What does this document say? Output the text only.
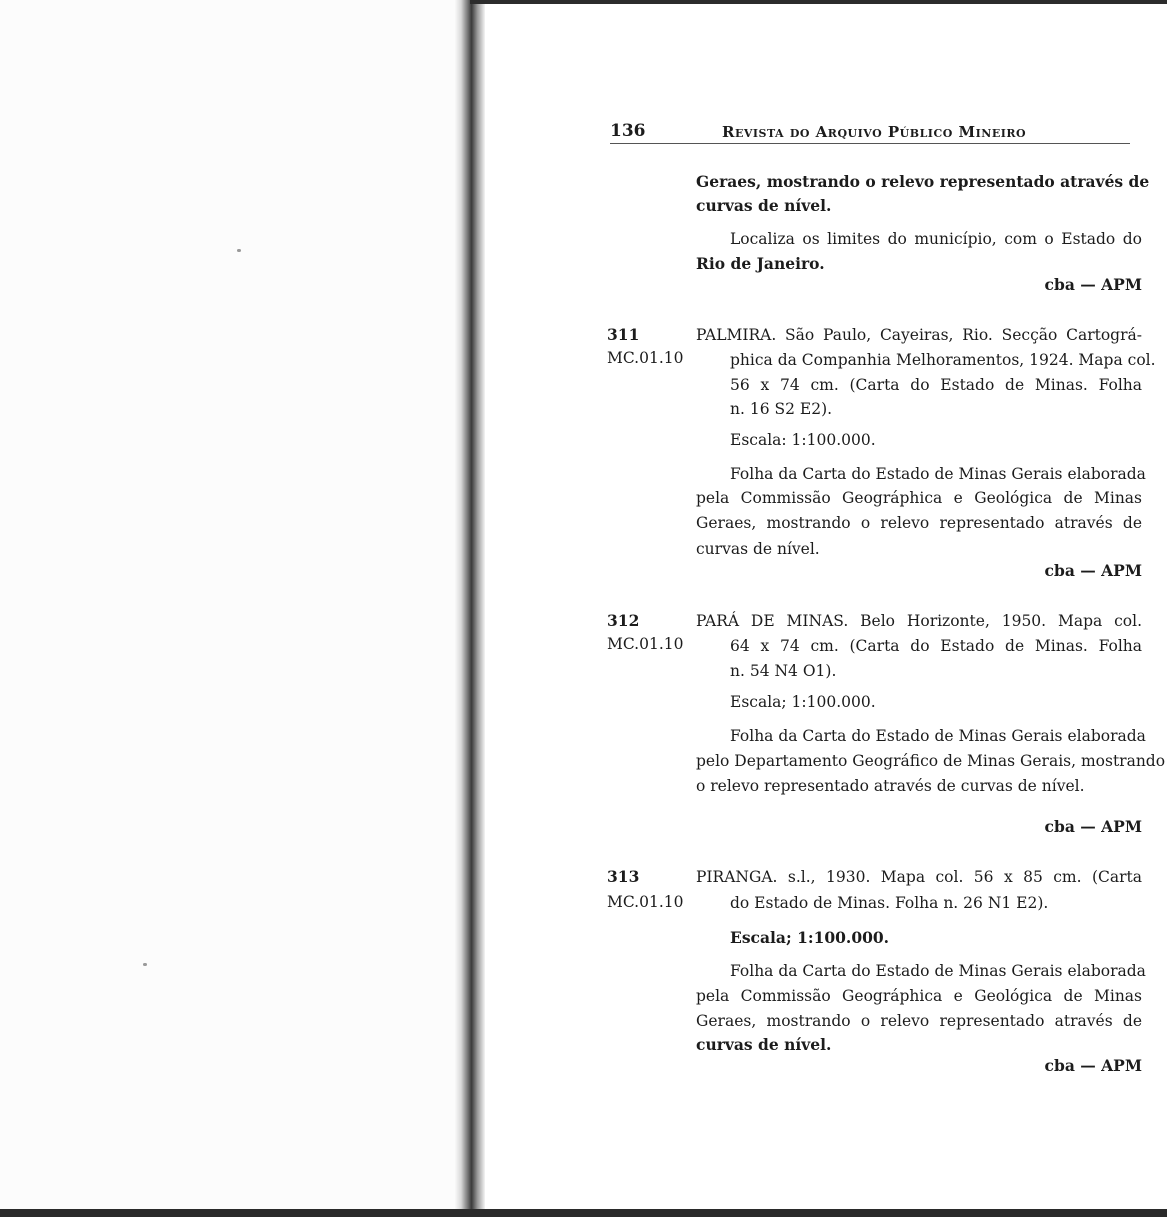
136	Revista do Arquivo Público Mineiro
Geraes, mostrando o relevo representado através de
curvas de nível.
Localiza os limites do município, com o Estado do
Rio de Janeiro.
cba — APM
311
MC.01.10
PALMIRA. São Paulo, Cayeiras, Rio. Secção Cartográ-
phica da Companhia Melhoramentos, 1924. Mapa col.
56 x 74 cm. (Carta do Estado de Minas. Folha
n. 16 S2 E2).
Escala: 1:100.000.
Folha da Carta do Estado de Minas Gerais elaborada
pela Commissão Geográphica e Geológica de Minas
Geraes, mostrando o relevo representado através de
curvas de nível.
cba — APM
312
MC.01.10
PARÁ DE MINAS. Belo Horizonte, 1950. Mapa col.
64 x 74 cm. (Carta do Estado de Minas. Folha
n. 54 N4 O1).
Escala; 1:100.000.
Folha da Carta do Estado de Minas Gerais elaborada
pelo Departamento Geográfico de Minas Gerais, mostrando
o relevo representado através de curvas de nível.
cba — APM
313
MC.01.10
PIRANGA. s.l., 1930. Mapa col. 56 x 85 cm. (Carta
do Estado de Minas. Folha n. 26 N1 E2).
Escala; 1:100.000.
Folha da Carta do Estado de Minas Gerais elaborada
pela Commissão Geográphica e Geológica de Minas
Geraes, mostrando o relevo representado através de
curvas de nível.
cba — APM
